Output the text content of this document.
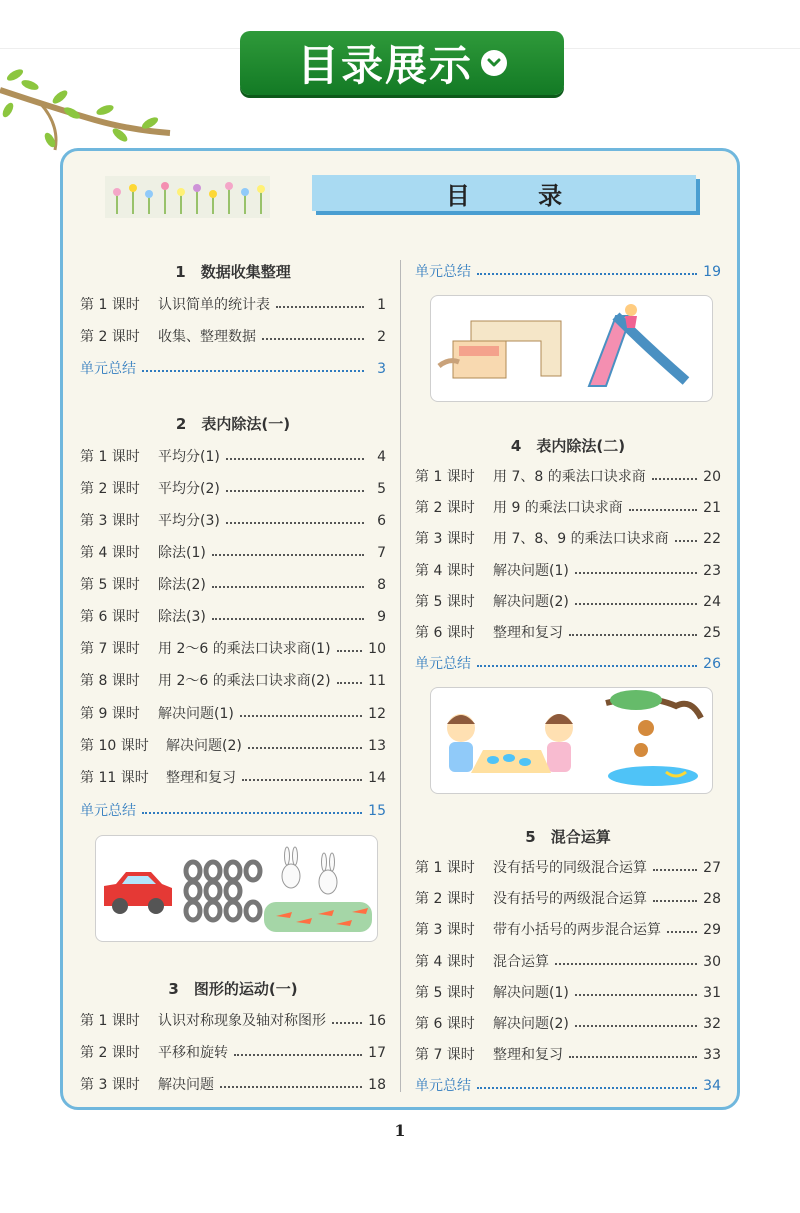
目录展示
目 录
1　数据收集整理
第 1 课时	认识简单的统计表	1
第 2 课时	收集、整理数据	2
单元总结	3
2　表内除法(一)
第 1 课时	平均分(1)	4
第 2 课时	平均分(2)	5
第 3 课时	平均分(3)	6
第 4 课时	除法(1)	7
第 5 课时	除法(2)	8
第 6 课时	除法(3)	9
第 7 课时	用 2～6 的乘法口诀求商(1)	10
第 8 课时	用 2～6 的乘法口诀求商(2)	11
第 9 课时	解决问题(1)	12
第 10 课时	解决问题(2)	13
第 11 课时	整理和复习	14
单元总结	15
3　图形的运动(一)
第 1 课时	认识对称现象及轴对称图形	16
第 2 课时	平移和旋转	17
第 3 课时	解决问题	18
单元总结	19
4　表内除法(二)
第 1 课时	用 7、8 的乘法口诀求商	20
第 2 课时	用 9 的乘法口诀求商	21
第 3 课时	用 7、8、9 的乘法口诀求商 22
第 4 课时	解决问题(1)	23
第 5 课时	解决问题(2)	24
第 6 课时	整理和复习	25
单元总结	26
5　混合运算
第 1 课时	没有括号的同级混合运算	27
第 2 课时	没有括号的两级混合运算	28
第 3 课时	带有小括号的两步混合运算	29
第 4 课时	混合运算	30
第 5 课时	解决问题(1)	31
第 6 课时	解决问题(2)	32
第 7 课时	整理和复习	33
单元总结	34
1
